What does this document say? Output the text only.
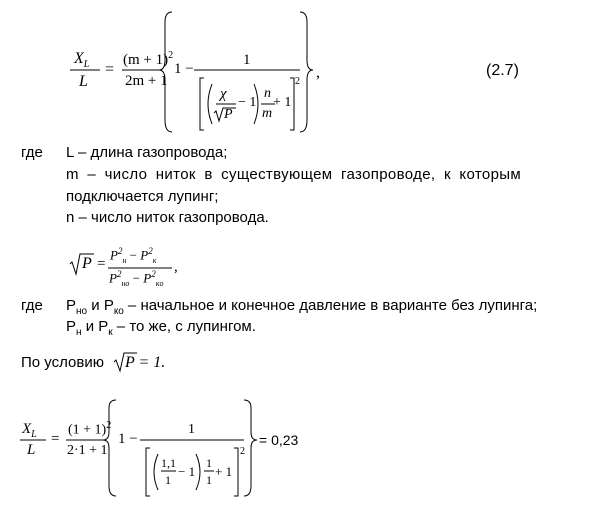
$X_L$
L
=
$(m + 1)^2$
2m + 1
1 −
1
χ
P
− 1
n
m
+ 1
2
,	(2.7)
где L – длина газопровода;
m – число ниток в существующем газопроводе, к которым
подключается лупинг;
n – число ниток газопровода.
P =
$P^2_н - P^2_к$
$P^2_{нo} - P^2_{кo}$
,
где $P_{нo}$ и $P_{кo}$ – начальное и конечное давление в варианте без лупинга;
$P_н$ и $P_к$ – то же, с лупингом.
По условию P = 1.
$X_L$
L
=
$(1 + 1)^2$
2·1 + 1
1 −
1
1,1
1
− 1
1
1
+ 1
2
= 0,23
